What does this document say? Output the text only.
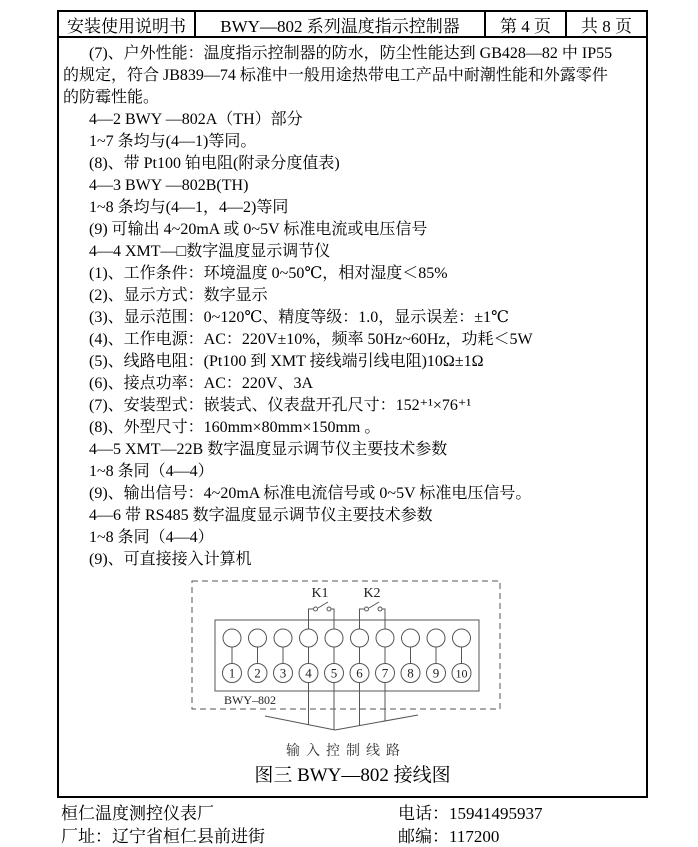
安装使用说明书	BWY—802 系列温度指示控制器	第 4 页	共 8 页
(7)、户外性能：温度指示控制器的防水，防尘性能达到 GB428—82 中 IP55
的规定，符合 JB839—74 标准中一般用途热带电工产品中耐潮性能和外露零件
的防霉性能。
4—2 BWY —802A（TH）部分
1~7 条均与(4—1)等同。
(8)、带 Pt100 铂电阻(附录分度值表)
4—3 BWY —802B(TH)
1~8 条均与(4—1，4—2)等同
(9) 可输出 4~20mA 或 0~5V 标准电流或电压信号
4—4 XMT—□数字温度显示调节仪
(1)、工作条件：环境温度 0~50℃，相对湿度＜85%
(2)、显示方式：数字显示
(3)、显示范围：0~120℃、精度等级：1.0，显示误差：±1℃
(4)、工作电源：AC：220V±10%，频率 50Hz~60Hz，功耗＜5W
(5)、线路电阻：(Pt100 到 XMT 接线端引线电阻)10Ω±1Ω
(6)、接点功率：AC：220V、3A
(7)、安装型式：嵌装式、仪表盘开孔尺寸：152⁺¹×76⁺¹
(8)、外型尺寸：160mm×80mm×150mm 。
4—5 XMT—22B 数字温度显示调节仪主要技术参数
1~8 条同（4—4）
(9)、输出信号：4~20mA 标准电流信号或 0~5V 标准电压信号。
4—6 带 RS485 数字温度显示调节仪主要技术参数
1~8 条同（4—4）
(9)、可直接接入计算机
K1 K2
1 2 3 4 5 6 7 8 9 10
BWY–802
输入控制线路
图三 BWY—802 接线图
桓仁温度测控仪表厂	电话：15941495937
厂址：辽宁省桓仁县前进街	邮编：117200
